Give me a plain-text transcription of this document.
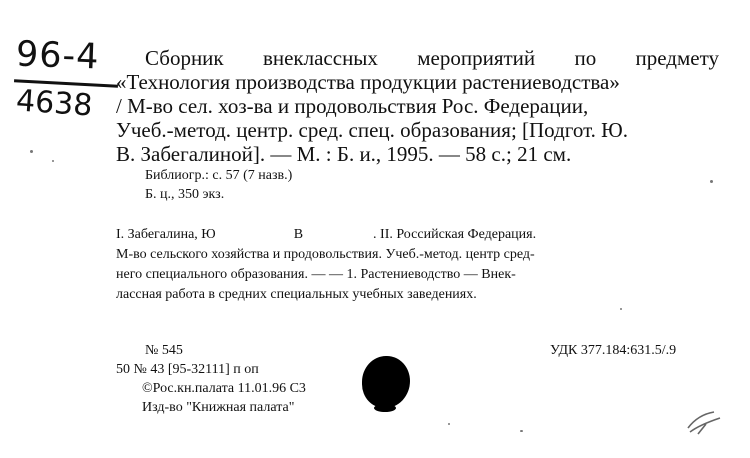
96-4
4638
Сборник внеклассных мероприятий по предмету
«Технология производства продукции растениеводства»
/ М-во сел. хоз-ва и продовольствия Рос. Федерации,
Учеб.-метод. центр. сред. спец. образования; [Подгот. Ю.
В. Забегалиной]. — М. : Б. и., 1995. — 58 с.; 21 см.
Библиогр.: с. 57 (7 назв.)
Б. ц., 350 экз.
I. Забегалина, Ю	В	. II. Российская Федерация.
М-во сельского хозяйства и продовольствия. Учеб.-метод. центр сред-
него специального образования. — — 1. Растениеводство — Внек-
лассная работа в средних специальных учебных заведениях.
№ 545
50 № 43 [95-32111] п оп
©Рос.кн.палата 11.01.96 С3
Изд-во "Книжная палата"
УДК 377.184:631.5/.9
